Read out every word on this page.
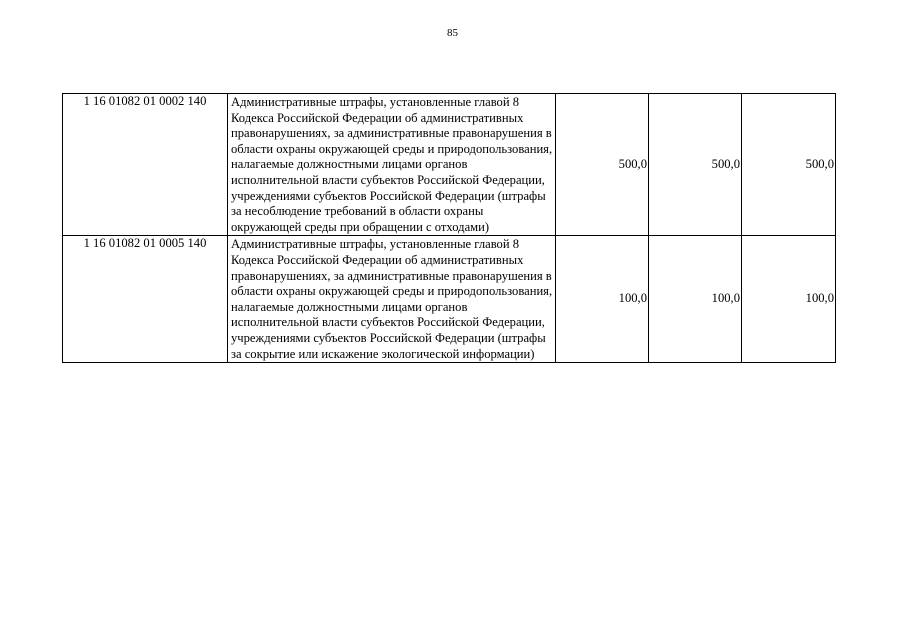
85
1 16 01082 01 0002 140	Административные штрафы, установленные главой 8 Кодекса Российской Федерации об административных правонарушениях, за административные правонарушения в области охраны окружающей среды и природопользования, налагаемые должностными лицами органов исполнительной власти субъектов Российской Федерации, учреждениями субъектов Российской Федерации (штрафы за несоблюдение требований в области охраны окружающей среды при обращении с отходами)	500,0	500,0	500,0
1 16 01082 01 0005 140	Административные штрафы, установленные главой 8 Кодекса Российской Федерации об административных правонарушениях, за административные правонарушения в области охраны окружающей среды и природопользования, налагаемые должностными лицами органов исполнительной власти субъектов Российской Федерации, учреждениями субъектов Российской Федерации (штрафы за сокрытие или искажение экологической информации)	100,0	100,0	100,0
